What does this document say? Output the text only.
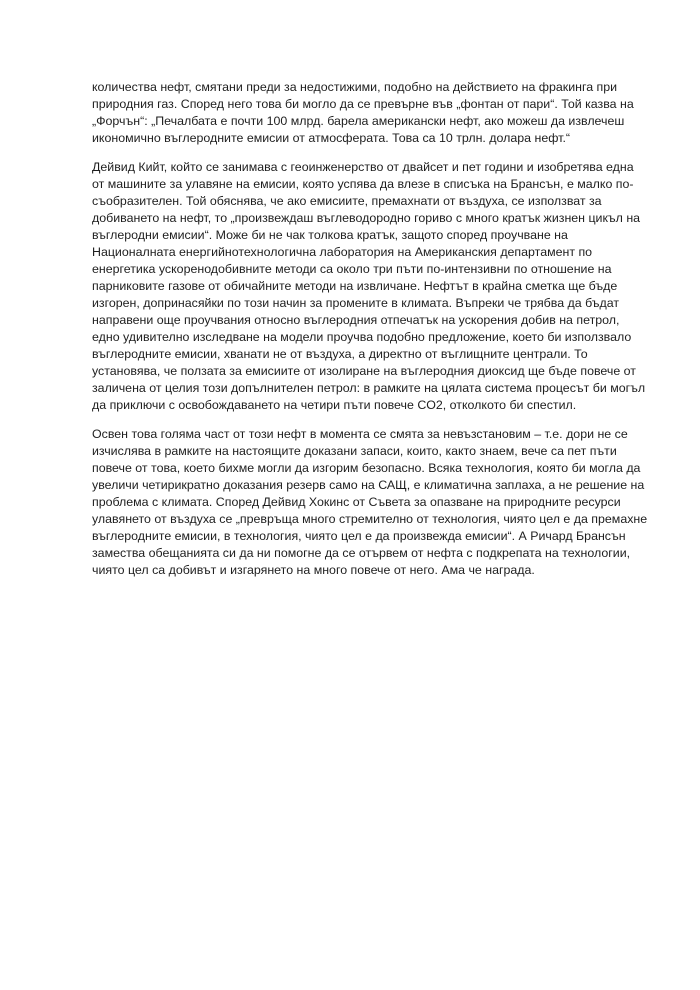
количества нефт, смятани преди за недостижими, подобно на действието на фракинга при
природния газ. Според него това би могло да се превърне във „фонтан от пари“. Той казва на
„Форчън“: „Печалбата е почти 100 млрд. барела американски нефт, ако можеш да извлечеш
икономично въглеродните емисии от атмосферата. Това са 10 трлн. долара нефт.“

Дейвид Кийт, който се занимава с геоинженерство от двайсет и пет години и изобретява една
от машините за улавяне на емисии, която успява да влезе в списъка на Брансън, е малко по-
съобразителен. Той обяснява, че ако емисиите, премахнати от въздуха, се използват за
добиването на нефт, то „произвеждаш въглеводородно гориво с много кратък жизнен цикъл на
въглеродни емисии“. Може би не чак толкова кратък, защото според проучване на
Националната енергийнотехнологична лаборатория на Американския департамент по
енергетика ускоренодобивните методи са около три пъти по-интензивни по отношение на
парниковите газове от обичайните методи на извличане. Нефтът в крайна сметка ще бъде
изгорен, допринасяйки по този начин за промените в климата. Въпреки че трябва да бъдат
направени още проучвания относно въглеродния отпечатък на ускорения добив на петрол,
едно удивително изследване на модели проучва подобно предложение, което би използвало
въглеродните емисии, хванати не от въздуха, а директно от въглищните централи. То
установява, че ползата за емисиите от изолиране на въглеродния диоксид ще бъде повече от
заличена от целия този допълнителен петрол: в рамките на цялата система процесът би могъл
да приключи с освобождаването на четири пъти повече CO2, отколкото би спестил.

Освен това голяма част от този нефт в момента се смята за невъзстановим – т.е. дори не се
изчислява в рамките на настоящите доказани запаси, които, както знаем, вече са пет пъти
повече от това, което бихме могли да изгорим безопасно. Всяка технология, която би могла да
увеличи четирикратно доказания резерв само на САЩ, е климатична заплаха, а не решение на
проблема с климата. Според Дейвид Хокинс от Съвета за опазване на природните ресурси
улавянето от въздуха се „превръща много стремително от технология, чиято цел е да премахне
въглеродните емисии, в технология, чиято цел е да произвежда емисии“. А Ричард Брансън
замества обещанията си да ни помогне да се отървем от нефта с подкрепата на технологии,
чиято цел са добивът и изгарянето на много повече от него. Ама че награда.
